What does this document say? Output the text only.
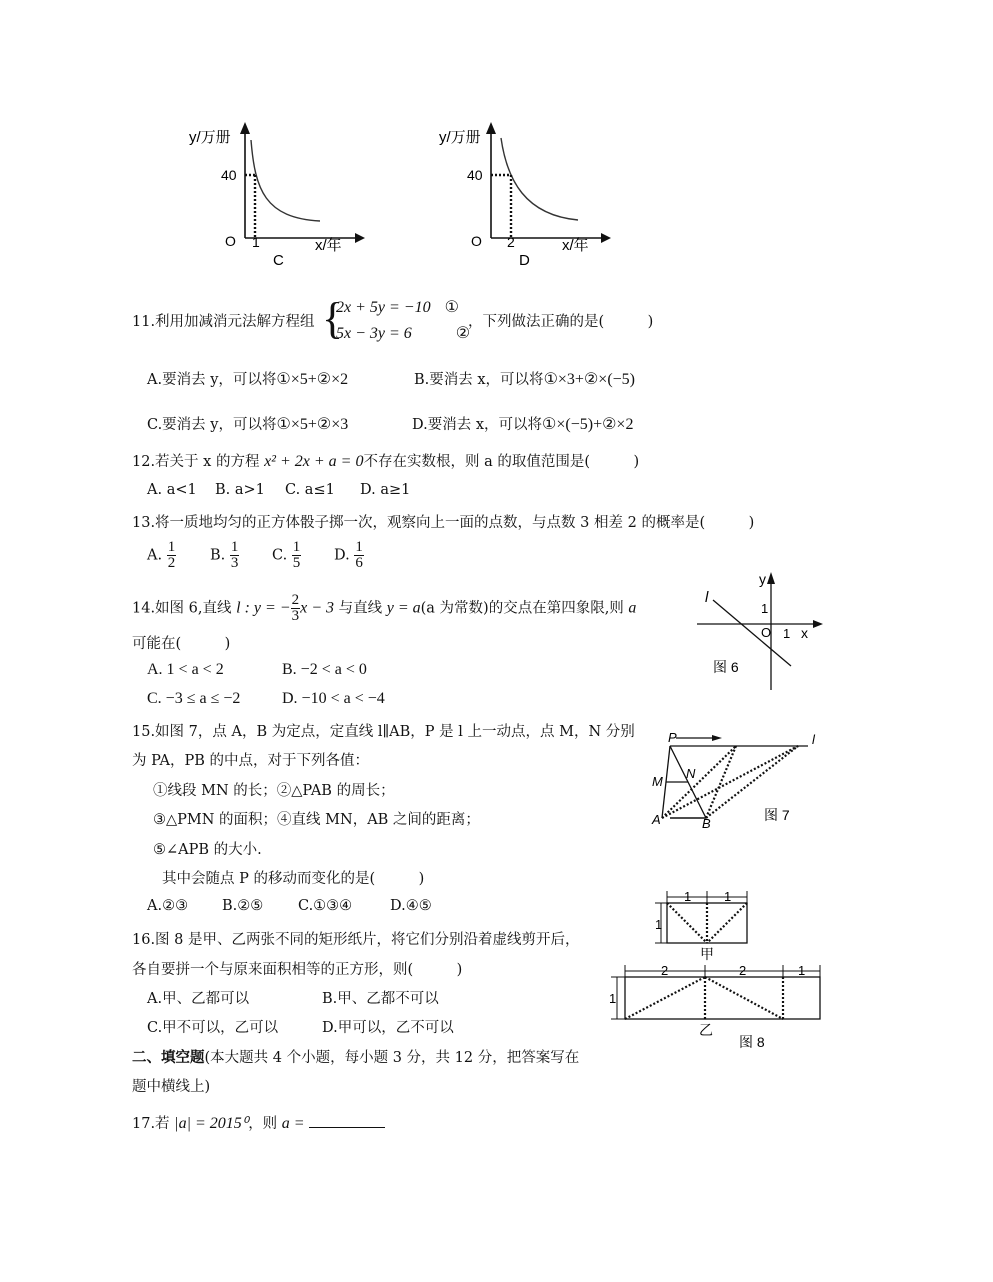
y/万册
40
O 1	x/年
C
y/万册
40
O 2	x/年
D
11.利用加减消元法解方程组 {
2x + 5y = −10 ①
5x − 3y = 6	②
，下列做法正确的是(　　　)
A.要消去 y，可以将①×5+②×2	B.要消去 x，可以将①×3+②×(−5)
C.要消去 y，可以将①×5+②×3	D.要消去 x，可以将①×(−5)+②×2
12.若关于 x 的方程 x² + 2x + a = 0不存在实数根，则 a 的取值范围是(　　　)
A. a<1 B. a>1 C. a≤1 D. a≥1
13.将一质地均匀的正方体骰子掷一次，观察向上一面的点数，与点数 3 相差 2 的概率是(　　　)
A. $\frac{1}{2} B$. $\frac{1}{3} C$. $\frac{1}{5} D$. $\frac{1}{6}$
14.如图 6,直线 l : y = − $\frac{2}{3}$ x − 3 与直线 y = a(a 为常数)的交点在第四象限,则 a
可能在(　　　)
A. 1 < a < 2	B. −2 < a < 0
C. −3 ≤ a ≤ −2	D. −10 < a < −4
y
1
O 1 x
l
图 6
15.如图 7，点 A，B 为定点，定直线 l∥AB，P 是 l 上一动点，点 M，N 分别
为 PA，PB 的中点，对于下列各值：
①线段 MN 的长；②△PAB 的周长；
③△PMN 的面积；④直线 MN，AB 之间的距离；
⑤∠APB 的大小.
其中会随点 P 的移动而变化的是(　　　)
A.②③ B.②⑤ C.①③④	D.④⑤
P
M
N
A	B
l
图 7
16.图 8 是甲、乙两张不同的矩形纸片，将它们分别沿着虚线剪开后，
各自要拼一个与原来面积相等的正方形，则(　　　)
A.甲、乙都可以	B.甲、乙都不可以
C.甲不可以，乙可以	D.甲可以，乙不可以
1	1
1
甲
2	2	1
1
乙
图 8
二、填空题(本大题共 4 个小题，每小题 3 分，共 12 分，把答案写在
题中横线上)
17.若 |a| = 2015⁰，则 a =
